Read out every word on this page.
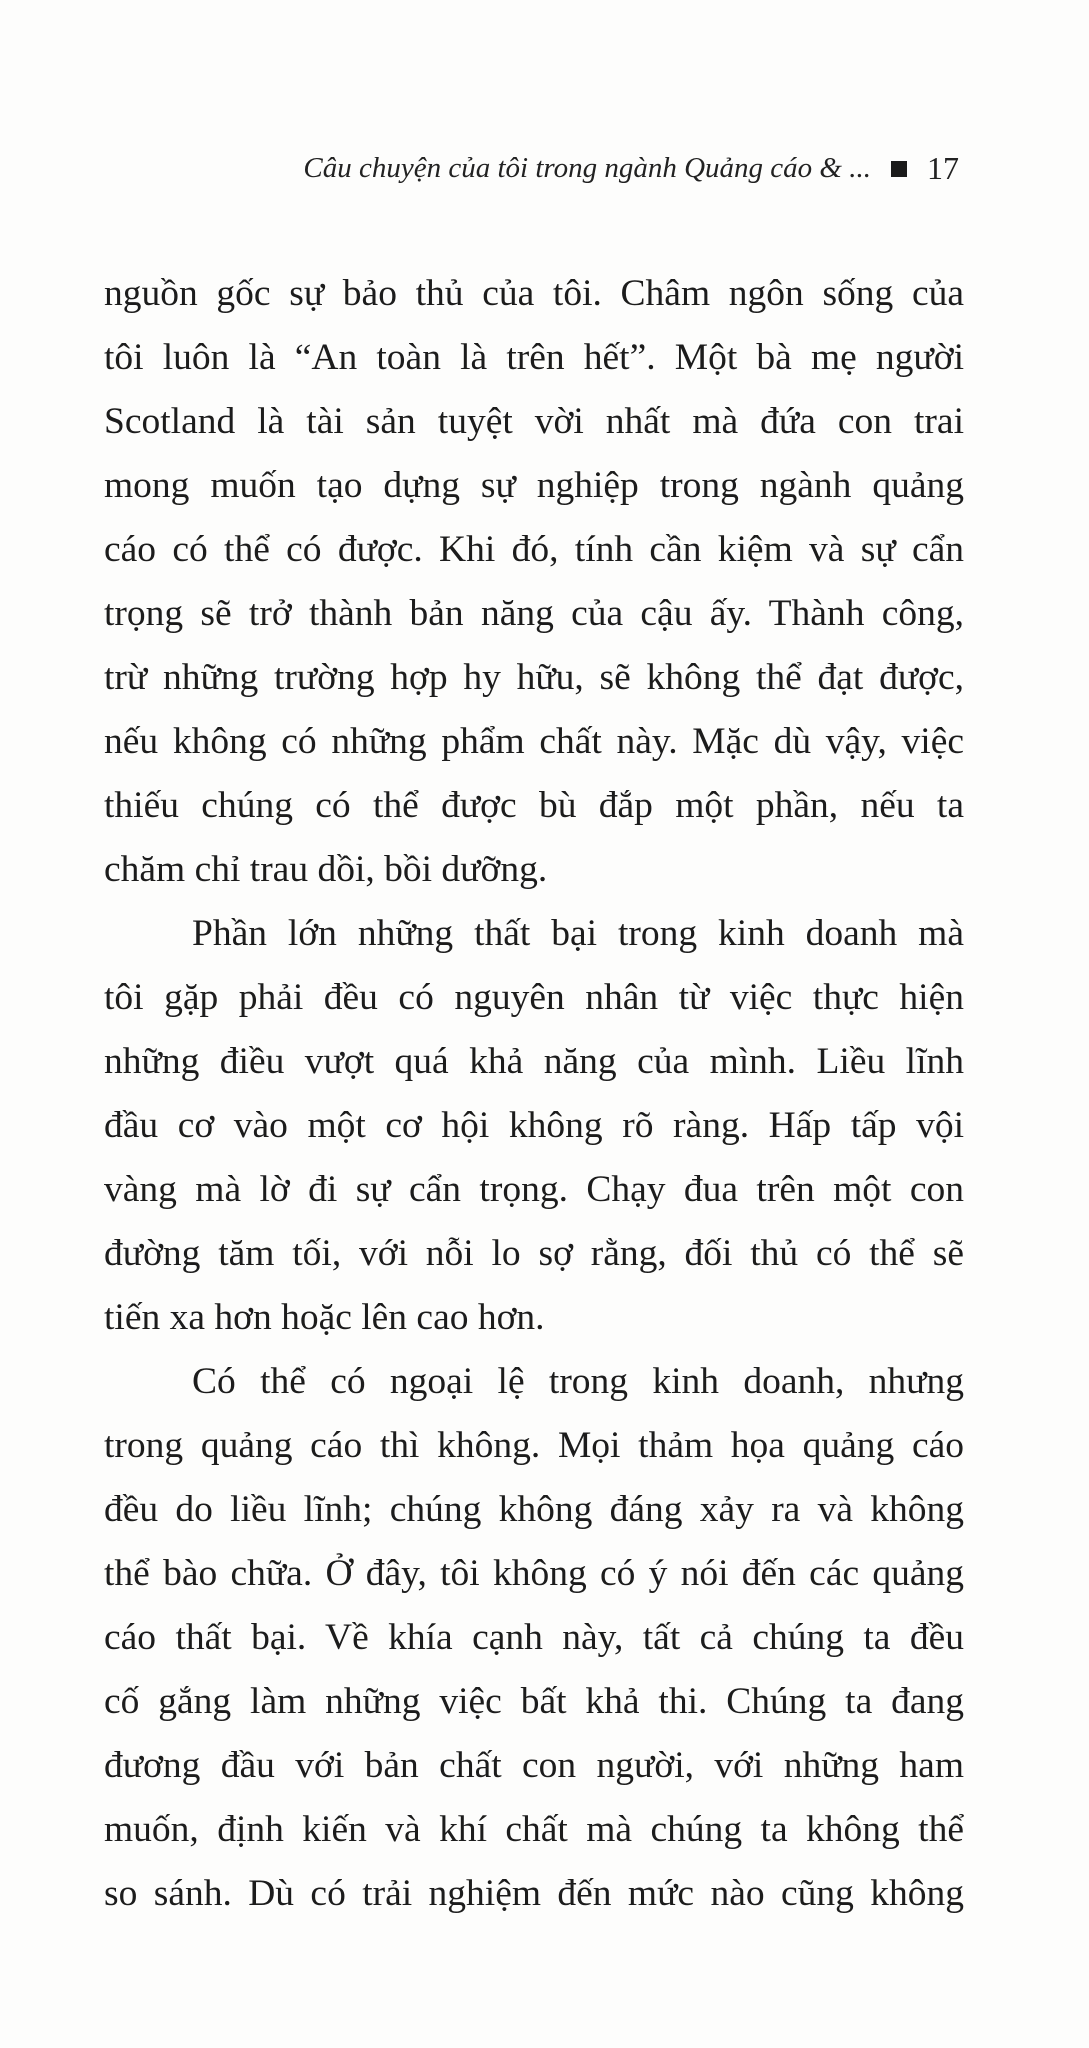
Câu chuyện của tôi trong ngành Quảng cáo & ... 17
nguồn gốc sự bảo thủ của tôi. Châm ngôn sống của
tôi luôn là “An toàn là trên hết”. Một bà mẹ người
Scotland là tài sản tuyệt vời nhất mà đứa con trai
mong muốn tạo dựng sự nghiệp trong ngành quảng
cáo có thể có được. Khi đó, tính cần kiệm và sự cẩn
trọng sẽ trở thành bản năng của cậu ấy. Thành công,
trừ những trường hợp hy hữu, sẽ không thể đạt được,
nếu không có những phẩm chất này. Mặc dù vậy, việc
thiếu chúng có thể được bù đắp một phần, nếu ta
chăm chỉ trau dồi, bồi dưỡng.
Phần lớn những thất bại trong kinh doanh mà
tôi gặp phải đều có nguyên nhân từ việc thực hiện
những điều vượt quá khả năng của mình. Liều lĩnh
đầu cơ vào một cơ hội không rõ ràng. Hấp tấp vội
vàng mà lờ đi sự cẩn trọng. Chạy đua trên một con
đường tăm tối, với nỗi lo sợ rằng, đối thủ có thể sẽ
tiến xa hơn hoặc lên cao hơn.
Có thể có ngoại lệ trong kinh doanh, nhưng
trong quảng cáo thì không. Mọi thảm họa quảng cáo
đều do liều lĩnh; chúng không đáng xảy ra và không
thể bào chữa. Ở đây, tôi không có ý nói đến các quảng
cáo thất bại. Về khía cạnh này, tất cả chúng ta đều
cố gắng làm những việc bất khả thi. Chúng ta đang
đương đầu với bản chất con người, với những ham
muốn, định kiến và khí chất mà chúng ta không thể
so sánh. Dù có trải nghiệm đến mức nào cũng không
